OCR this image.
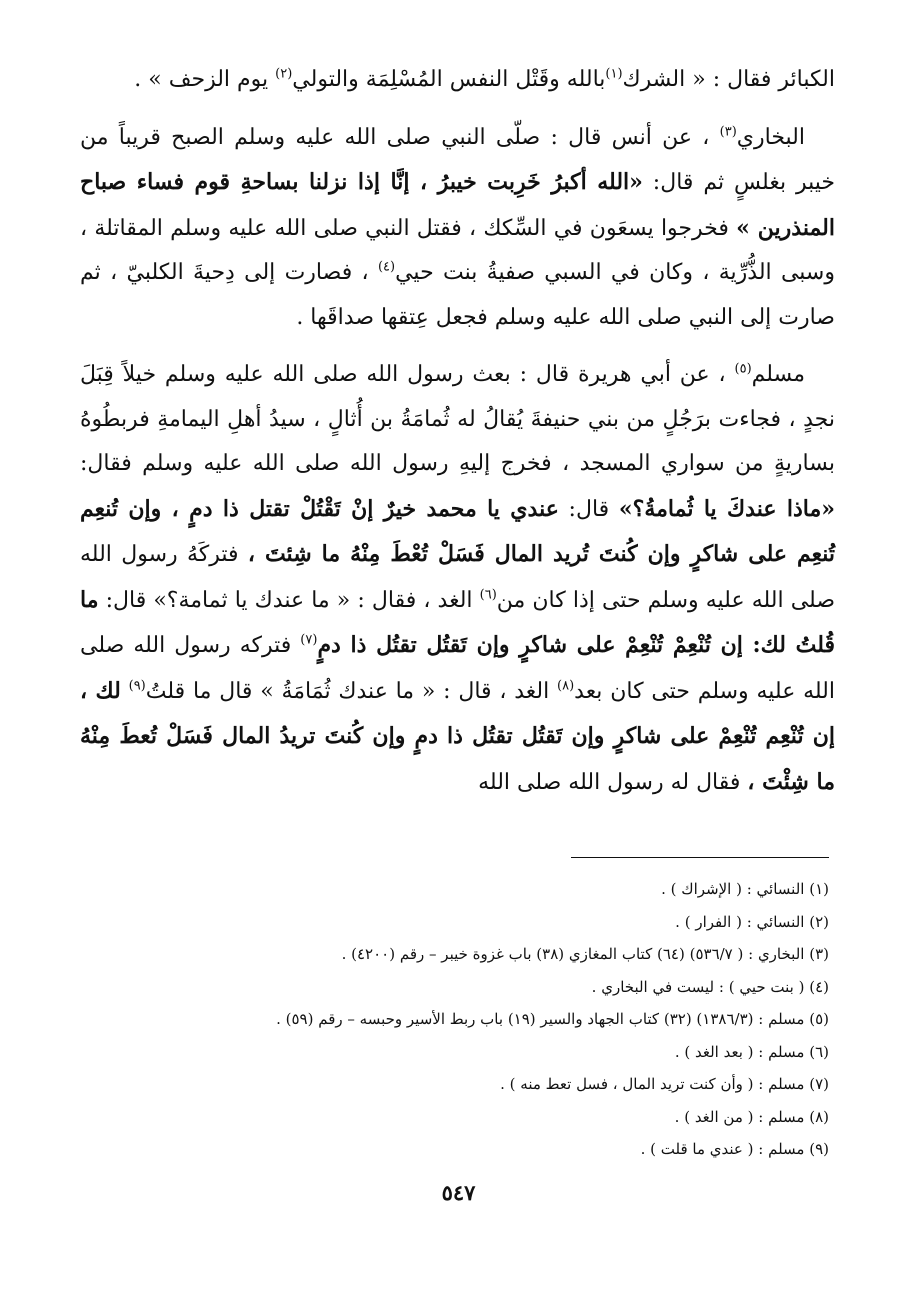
الكبائر فقال : « الشرك$^{(١)}$بالله وقَتْل النفس المُسْلِمَة والتولي$^{(٢)}$ يوم الزحف » .

البخاري$^{(٣)}$ ، عن أنس قال : صلّى النبي صلى الله عليه وسلم الصبح قريباً من خيبر بغلسٍ ثم قال: «الله أكبرُ خَرِبت خيبرُ ، إنَّا إذا نزلنا بساحةِ قوم فساء صباح المنذرين » فخرجوا يسعَون في السِّكك ، فقتل النبي صلى الله عليه وسلم المقاتلة ، وسبى الذُّرِّية ، وكان في السبي صفيةُ بنت حيي$^{(٤)}$ ، فصارت إلى دِحيةَ الكلبيّ ، ثم صارت إلى النبي صلى الله عليه وسلم فجعل عِتقها صداقَها .

مسلم$^{(٥)}$ ، عن أبي هريرة قال : بعث رسول الله صلى الله عليه وسلم خيلاً قِبَلَ نجدٍ ، فجاءت برَجُلٍ من بني حنيفةَ يُقالُ له ثُمامَةُ بن أُثالٍ ، سيدُ أهلِ اليمامةِ فربطُوهُ بساريةٍ من سواري المسجد ، فخرج إليهِ رسول الله صلى الله عليه وسلم فقال: «ماذا عندكَ يا ثُمامةُ؟» قال: عندي يا محمد خيرٌ إنْ تَقْتُلْ تقتل ذا دمٍ ، وإن تُنعِم تُنعِم على شاكرٍ وإن كُنتَ تُريد المال فَسَلْ تُعْطَ مِنْهُ ما شِئتَ ، فتركَهُ رسول الله صلى الله عليه وسلم حتى إذا كان من$^{(٦)}$ الغد ، فقال : « ما عندك يا ثمامة؟» قال: ما قُلتُ لك: إن تُنْعِمْ تُنْعِمْ على شاكرٍ وإن تَقتُل تقتُل ذا دمٍ$^{(٧)}$ فتركه رسول الله صلى الله عليه وسلم حتى كان بعد$^{(٨)}$ الغد ، قال : « ما عندك ثُمَامَةُ » قال ما قلتُ$^{(٩)}$ لك ، إن تُنْعِم تُنْعِمْ على شاكرٍ وإن تَقتُل تقتُل ذا دمٍ وإن كُنتَ تريدُ المال فَسَلْ تُعطَ مِنْهُ ما شِئْتَ ، فقال له رسول الله صلى الله

(١) النسائي : ( الإشراك ) .
(٢) النسائي : ( الفرار ) .
(٣) البخاري : ( ٥٣٦/٧) (٦٤) كتاب المغازي (٣٨) باب غزوة خيبر – رقم (٤٢٠٠) .
(٤) ( بنت حيي ) : ليست في البخاري .
(٥) مسلم : (١٣٨٦/٣) (٣٢) كتاب الجهاد والسير (١٩) باب ربط الأسير وحبسه – رقم (٥٩) .
(٦) مسلم : ( بعد الغد ) .
(٧) مسلم : ( وأن كنت تريد المال ، فسل تعط منه ) .
(٨) مسلم : ( من الغد ) .
(٩) مسلم : ( عندي ما قلت ) .
٥٤٧
